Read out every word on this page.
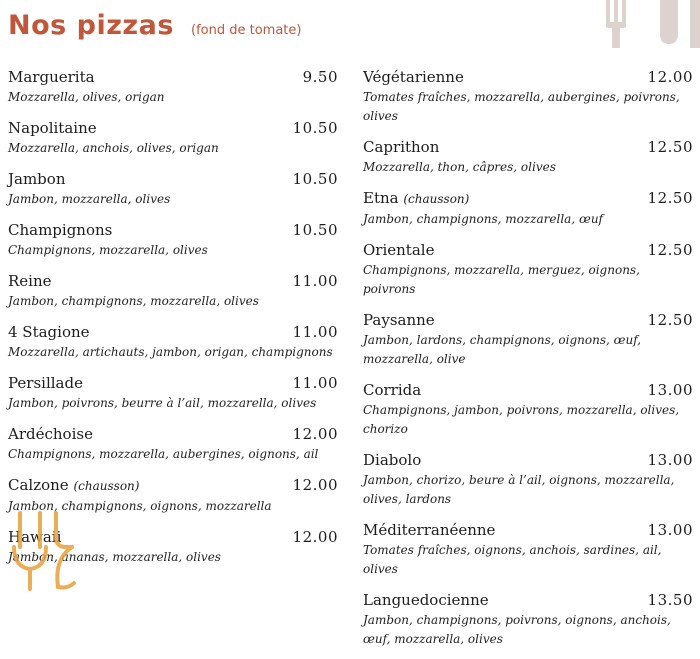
Nos pizzas (fond de tomate)
Marguerita	9.50
Mozzarella, olives, origan
Napolitaine	10.50
Mozzarella, anchois, olives, origan
Jambon	10.50
Jambon, mozzarella, olives
Champignons	10.50
Champignons, mozzarella, olives
Reine	11.00
Jambon, champignons, mozzarella, olives
4 Stagione	11.00
Mozzarella, artichauts, jambon, origan, champignons
Persillade	11.00
Jambon, poivrons, beurre à l’ail, mozzarella, olives
Ardéchoise	12.00
Champignons, mozzarella, aubergines, oignons, ail
Calzone (chausson)	12.00
Jambon, champignons, oignons, mozzarella
Hawaii	12.00
Jambon, ananas, mozzarella, olives
Végétarienne	12.00
Tomates fraîches, mozzarella, aubergines, poivrons, olives
Caprithon	12.50
Mozzarella, thon, câpres, olives
Etna (chausson)	12.50
Jambon, champignons, mozzarella, œuf
Orientale	12.50
Champignons, mozzarella, merguez, oignons, poivrons
Paysanne	12.50
Jambon, lardons, champignons, oignons, œuf, mozzarella, olive
Corrida	13.00
Champignons, jambon, poivrons, mozzarella, olives, chorizo
Diabolo	13.00
Jambon, chorizo, beure à l’ail, oignons, mozzarella, olives, lardons
Méditerranéenne	13.00
Tomates fraîches, oignons, anchois, sardines, ail, olives
Languedocienne	13.50
Jambon, champignons, poivrons, oignons, anchois, œuf, mozzarella, olives
